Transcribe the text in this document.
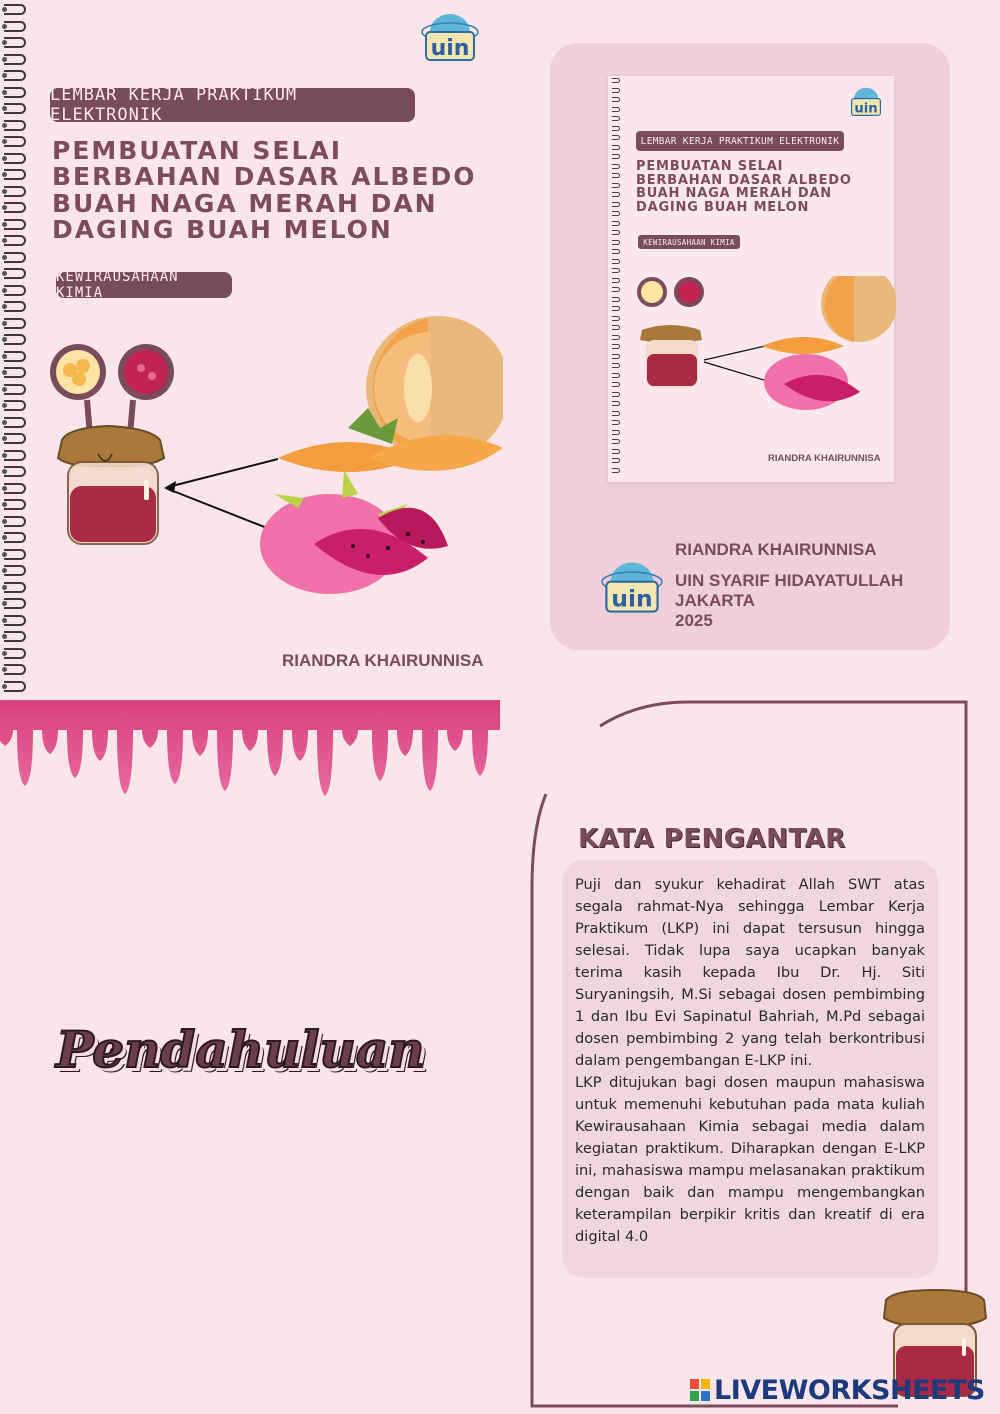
uin
LEMBAR KERJA PRAKTIKUM ELEKTRONIK
PEMBUATAN SELAI
BERBAHAN DASAR ALBEDO
BUAH NAGA MERAH DAN
DAGING BUAH MELON
KEWIRAUSAHAAN KIMIA
RIANDRA KHAIRUNNISA
uin
LEMBAR KERJA PRAKTIKUM ELEKTRONIK
PEMBUATAN SELAI
BERBAHAN DASAR ALBEDO
BUAH NAGA MERAH DAN
DAGING BUAH MELON
KEWIRAUSAHAAN KIMIA
RIANDRA KHAIRUNNISA
uin
RIANDRA KHAIRUNNISA
UIN SYARIF HIDAYATULLAH
JAKARTA
2025
KATA PENGANTAR
Puji dan syukur kehadirat Allah SWT atas segala rahmat-Nya sehingga Lembar Kerja Praktikum (LKP) ini dapat tersusun hingga selesai. Tidak lupa saya ucapkan banyak terima kasih kepada Ibu Dr. Hj. Siti Suryaningsih, M.Si sebagai dosen pembimbing 1 dan Ibu Evi Sapinatul Bahriah, M.Pd sebagai dosen pembimbing 2 yang telah berkontribusi dalam pengembangan E-LKP ini.
LKP ditujukan bagi dosen maupun mahasiswa untuk memenuhi kebutuhan pada mata kuliah Kewirausahaan Kimia sebagai media dalam kegiatan praktikum. Diharapkan dengan E-LKP ini, mahasiswa mampu melasanakan praktikum dengan baik dan mampu mengembangkan keterampilan berpikir kritis dan kreatif di era digital 4.0
Pendahuluan
LIVEWORKSHEETS
